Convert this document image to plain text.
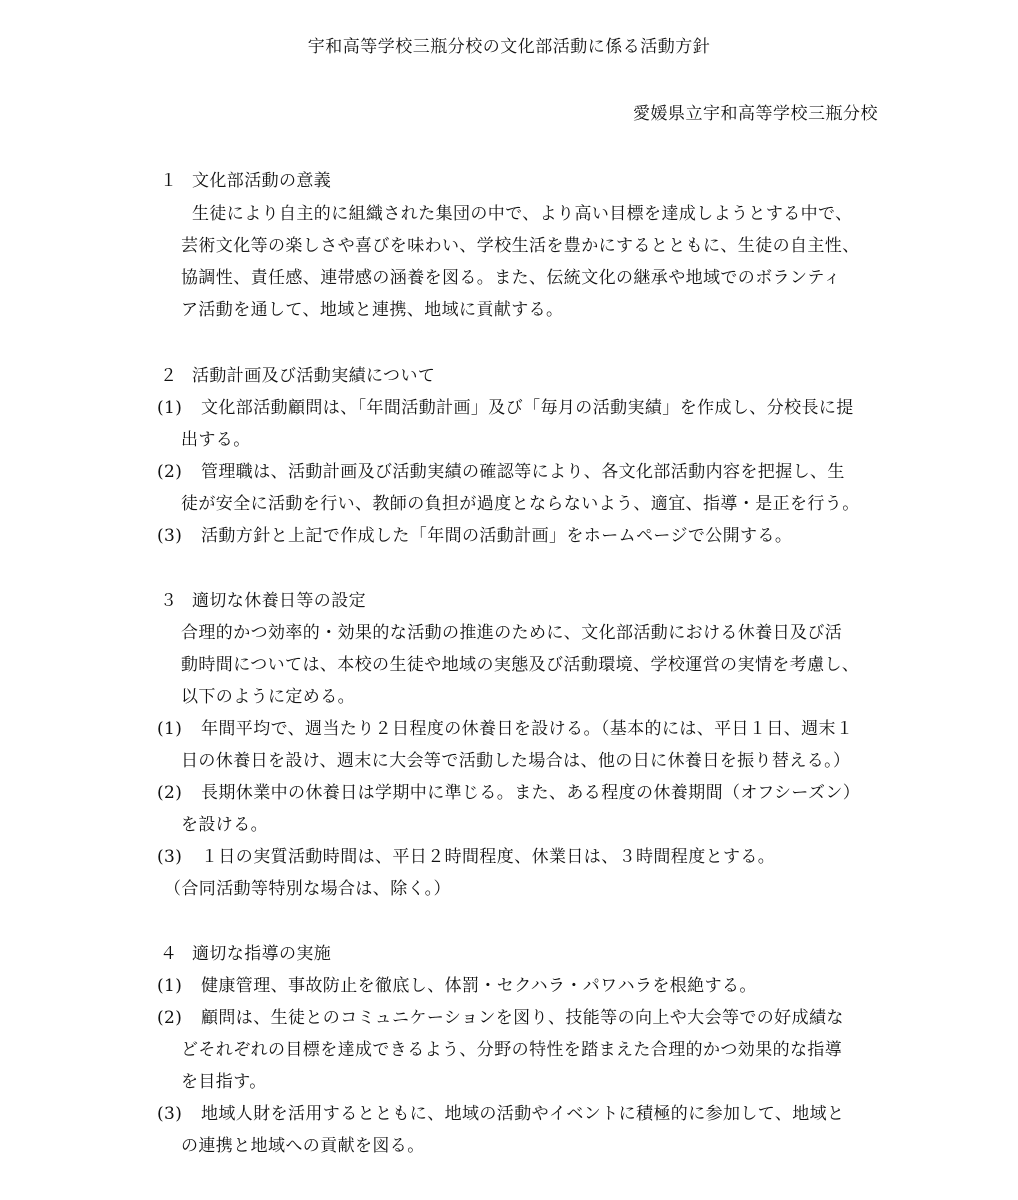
宇和高等学校三瓶分校の文化部活動に係る活動方針
愛媛県立宇和高等学校三瓶分校
１ 文化部活動の意義
生徒により自主的に組織された集団の中で、より高い目標を達成しようとする中で、
芸術文化等の楽しさや喜びを味わい、学校生活を豊かにするとともに、生徒の自主性、
協調性、責任感、連帯感の涵養を図る。また、伝統文化の継承や地域でのボランティ
ア活動を通して、地域と連携、地域に貢献する。
２ 活動計画及び活動実績について
(1) 文化部活動顧問は、「年間活動計画」及び「毎月の活動実績」を作成し、分校長に提
出する。
(2) 管理職は、活動計画及び活動実績の確認等により、各文化部活動内容を把握し、生
徒が安全に活動を行い、教師の負担が過度とならないよう、適宜、指導・是正を行う。
(3) 活動方針と上記で作成した「年間の活動計画」をホームページで公開する。
３ 適切な休養日等の設定
合理的かつ効率的・効果的な活動の推進のために、文化部活動における休養日及び活
動時間については、本校の生徒や地域の実態及び活動環境、学校運営の実情を考慮し、
以下のように定める。
(1) 年間平均で、週当たり２日程度の休養日を設ける。（基本的には、平日１日、週末１
日の休養日を設け、週末に大会等で活動した場合は、他の日に休養日を振り替える。）
(2) 長期休業中の休養日は学期中に準じる。また、ある程度の休養期間（オフシーズン）
を設ける。
(3) １日の実質活動時間は、平日２時間程度、休業日は、３時間程度とする。
（合同活動等特別な場合は、除く。）
４ 適切な指導の実施
(1) 健康管理、事故防止を徹底し、体罰・セクハラ・パワハラを根絶する。
(2) 顧問は、生徒とのコミュニケーションを図り、技能等の向上や大会等での好成績な
どそれぞれの目標を達成できるよう、分野の特性を踏まえた合理的かつ効果的な指導
を目指す。
(3) 地域人財を活用するとともに、地域の活動やイベントに積極的に参加して、地域と
の連携と地域への貢献を図る。
